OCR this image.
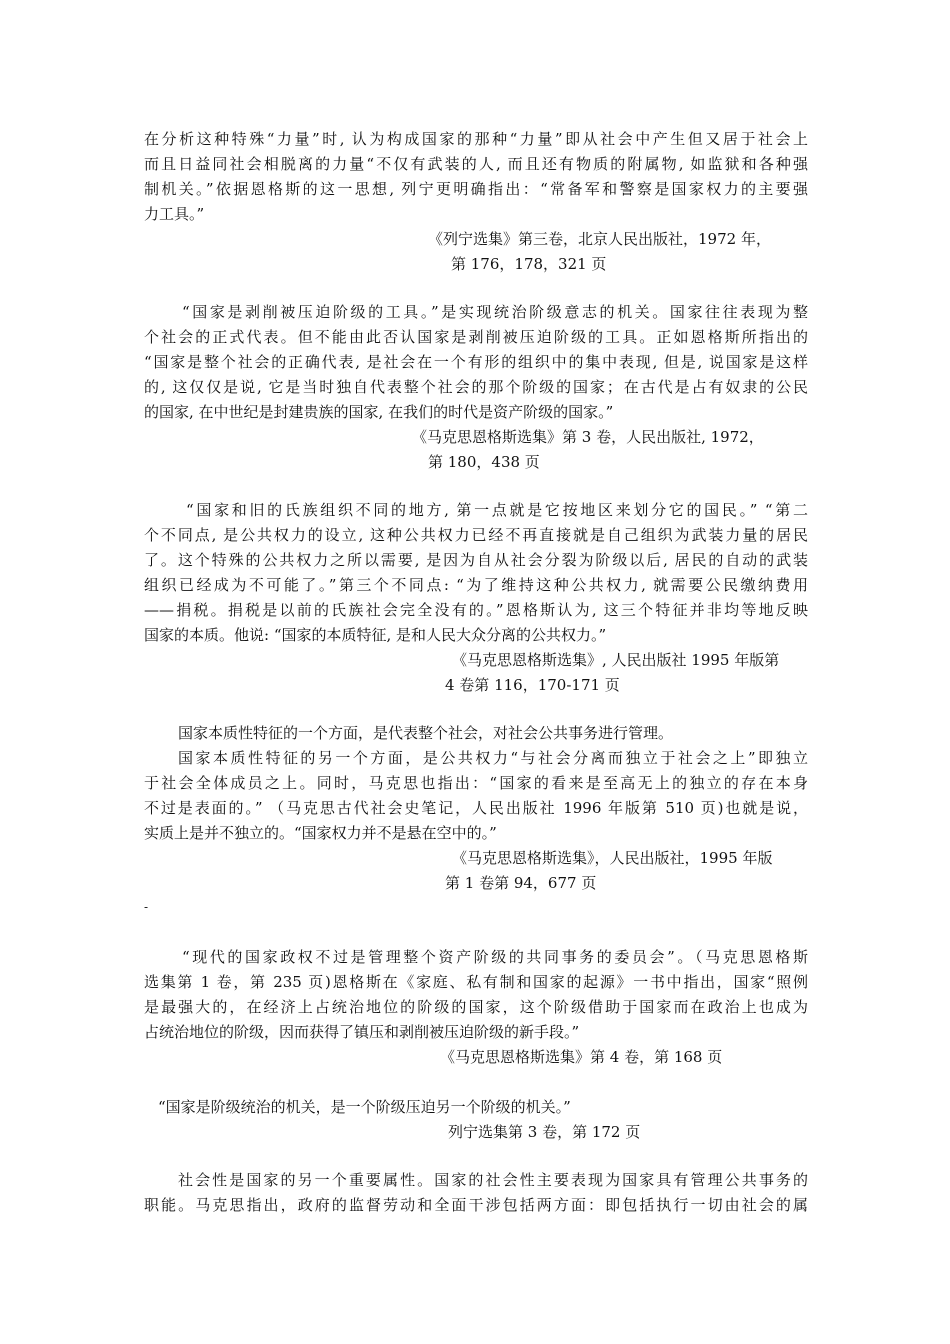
在分析这种特殊“力量”时, 认为构成国家的那种“力量”即从社会中产生但又居于社会上
而且日益同社会相脱离的力量“不仅有武装的人, 而且还有物质的附属物, 如监狱和各种强
制机关。”依据恩格斯的这一思想, 列宁更明确指出：“常备军和警察是国家权力的主要强
力工具。”
《列宁选集》第三卷，北京人民出版社，1972 年，
第 176，178，321 页
“国家是剥削被压迫阶级的工具。”是实现统治阶级意志的机关。国家往往表现为整
个社会的正式代表。但不能由此否认国家是剥削被压迫阶级的工具。正如恩格斯所指出的
“国家是整个社会的正确代表, 是社会在一个有形的组织中的集中表现, 但是, 说国家是这样
的, 这仅仅是说, 它是当时独自代表整个社会的那个阶级的国家；在古代是占有奴隶的公民
的国家, 在中世纪是封建贵族的国家, 在我们的时代是资产阶级的国家。”
《马克思恩格斯选集》第 3 卷，人民出版社, 1972，
第 180，438 页
“国家和旧的氏族组织不同的地方, 第一点就是它按地区来划分它的国民。” “第二
个不同点, 是公共权力的设立, 这种公共权力已经不再直接就是自己组织为武装力量的居民
了。这个特殊的公共权力之所以需要, 是因为自从社会分裂为阶级以后, 居民的自动的武装
组织已经成为不可能了。”第三个不同点: “为了维持这种公共权力, 就需要公民缴纳费用
——捐税。捐税是以前的氏族社会完全没有的。”恩格斯认为, 这三个特征并非均等地反映
国家的本质。他说: “国家的本质特征, 是和人民大众分离的公共权力。”
《马克思恩格斯选集》, 人民出版社 1995 年版第
4 卷第 116，170-171 页
国家本质性特征的一个方面，是代表整个社会，对社会公共事务进行管理。
国家本质性特征的另一个方面，是公共权力“与社会分离而独立于社会之上”即独立
于社会全体成员之上。同时，马克思也指出：“国家的看来是至高无上的独立的存在本身
不过是表面的。” （马克思古代社会史笔记，人民出版社 1996 年版第 510 页)也就是说，
实质上是并不独立的。“国家权力并不是悬在空中的。”
《马克思恩格斯选集》，人民出版社，1995 年版
第 1 卷第 94，677 页
-
“现代的国家政权不过是管理整个资产阶级的共同事务的委员会”。（马克思恩格斯
选集第 1 卷，第 235 页)恩格斯在《家庭、私有制和国家的起源》一书中指出，国家“照例
是最强大的，在经济上占统治地位的阶级的国家，这个阶级借助于国家而在政治上也成为
占统治地位的阶级，因而获得了镇压和剥削被压迫阶级的新手段。”
《马克思恩格斯选集》第 4 卷，第 168 页
“国家是阶级统治的机关，是一个阶级压迫另一个阶级的机关。”
列宁选集第 3 卷，第 172 页
社会性是国家的另一个重要属性。国家的社会性主要表现为国家具有管理公共事务的
职能。马克思指出，政府的监督劳动和全面干涉包括两方面：即包括执行一切由社会的属
